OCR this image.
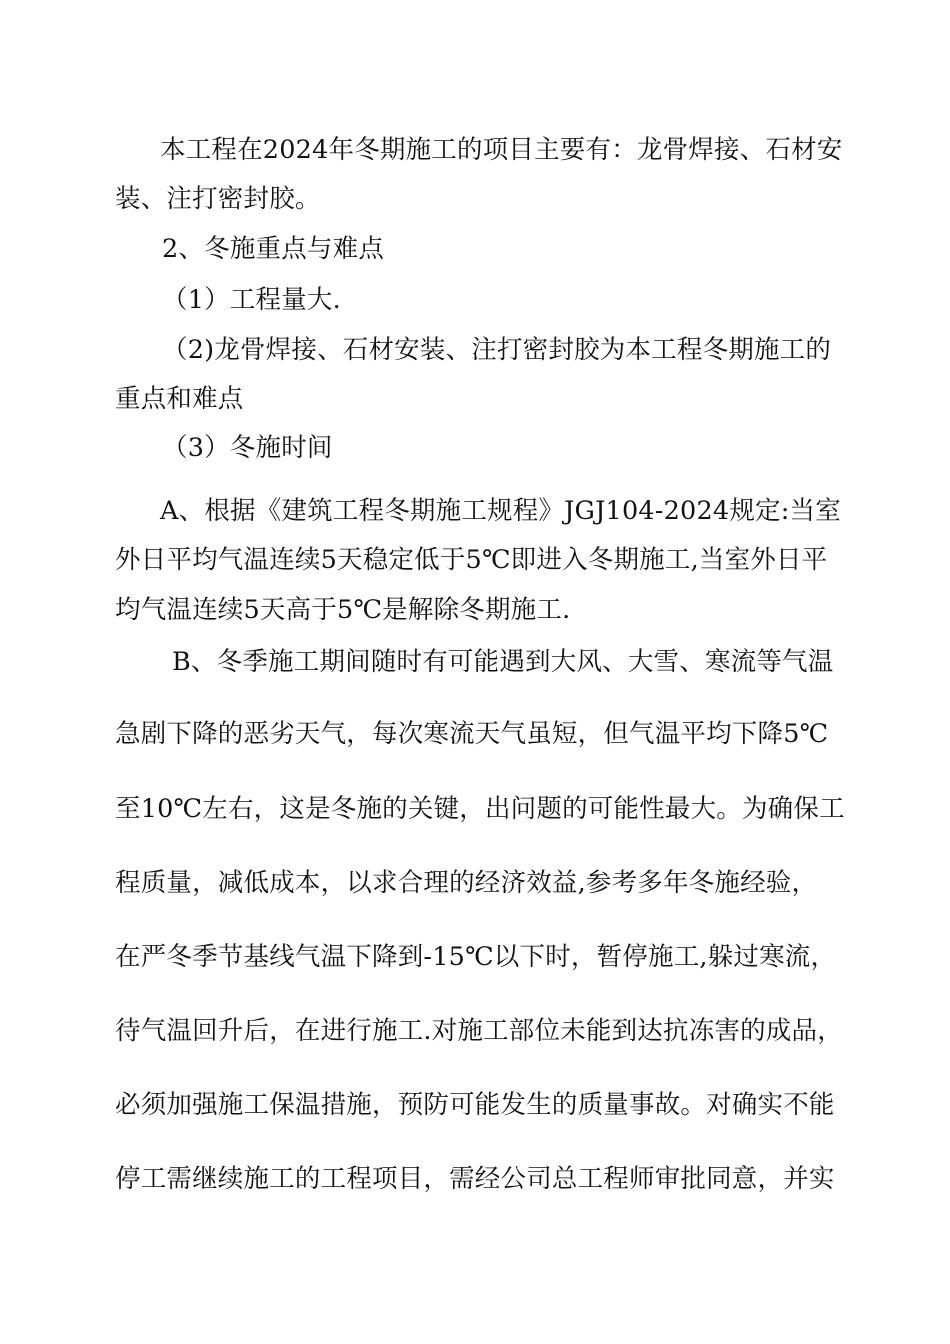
本工程在2024年冬期施工的项目主要有：龙骨焊接、石材安
装、注打密封胶。
2、冬施重点与难点
（1）工程量大.
（2)龙骨焊接、石材安装、注打密封胶为本工程冬期施工的
重点和难点
（3）冬施时间
A、根据《建筑工程冬期施工规程》JGJ104-2024规定:当室
外日平均气温连续5天稳定低于5℃即进入冬期施工,当室外日平
均气温连续5天高于5℃是解除冬期施工.
B、冬季施工期间随时有可能遇到大风、大雪、寒流等气温
急剧下降的恶劣天气，每次寒流天气虽短，但气温平均下降5℃
至10℃左右，这是冬施的关键，出问题的可能性最大。为确保工
程质量，减低成本，以求合理的经济效益,参考多年冬施经验，
在严冬季节基线气温下降到-15℃以下时，暂停施工,躲过寒流，
待气温回升后，在进行施工.对施工部位未能到达抗冻害的成品，
必须加强施工保温措施，预防可能发生的质量事故。对确实不能
停工需继续施工的工程项目，需经公司总工程师审批同意，并实
